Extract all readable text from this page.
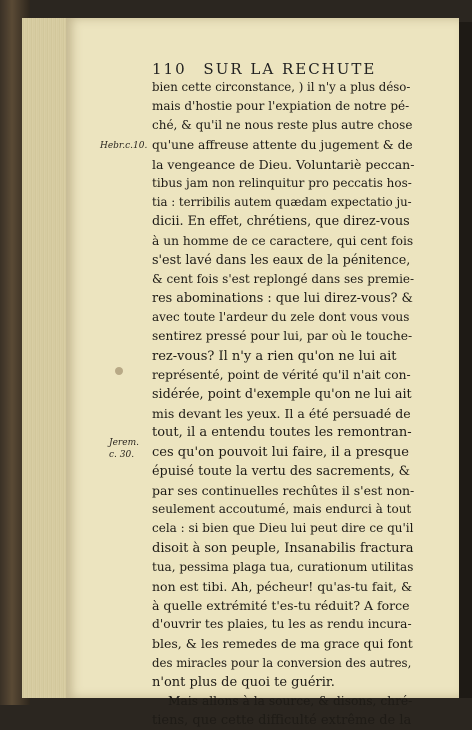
110 SUR LA RECHUTE
Hebr.c.10.
Jerem.
c. 30.
bien cette circonstance, ) il n'y a plus déso-
mais d'hostie pour l'expiation de notre pé-
ché, & qu'il ne nous reste plus autre chose
qu'une affreuse attente du jugement & de
la vengeance de Dieu. Voluntariè peccan-
tibus jam non relinquitur pro peccatis hos-
tia : terribilis autem quædam expectatio ju-
dicii. En effet, chrétiens, que direz-vous
à un homme de ce caractere, qui cent fois
s'est lavé dans les eaux de la pénitence,
& cent fois s'est replongé dans ses premie-
res abominations : que lui direz-vous? &
avec toute l'ardeur du zele dont vous vous
sentirez pressé pour lui, par où le touche-
rez-vous? Il n'y a rien qu'on ne lui ait
représenté, point de vérité qu'il n'ait con-
sidérée, point d'exemple qu'on ne lui ait
mis devant les yeux. Il a été persuadé de
tout, il a entendu toutes les remontran-
ces qu'on pouvoit lui faire, il a presque
épuisé toute la vertu des sacrements, &
par ses continuelles rechûtes il s'est non-
seulement accoutumé, mais endurci à tout
cela : si bien que Dieu lui peut dire ce qu'il
disoit à son peuple, Insanabilis fractura
tua, pessima plaga tua, curationum utilitas
non est tibi. Ah, pécheur! qu'as-tu fait, &
à quelle extrémité t'es-tu réduit? A force
d'ouvrir tes plaies, tu les as rendu incura-
bles, & les remedes de ma grace qui font
des miracles pour la conversion des autres,
n'ont plus de quoi te guérir.
Mais allons à la source, & disons, chré-
tiens, que cette difficulté extrême de la
